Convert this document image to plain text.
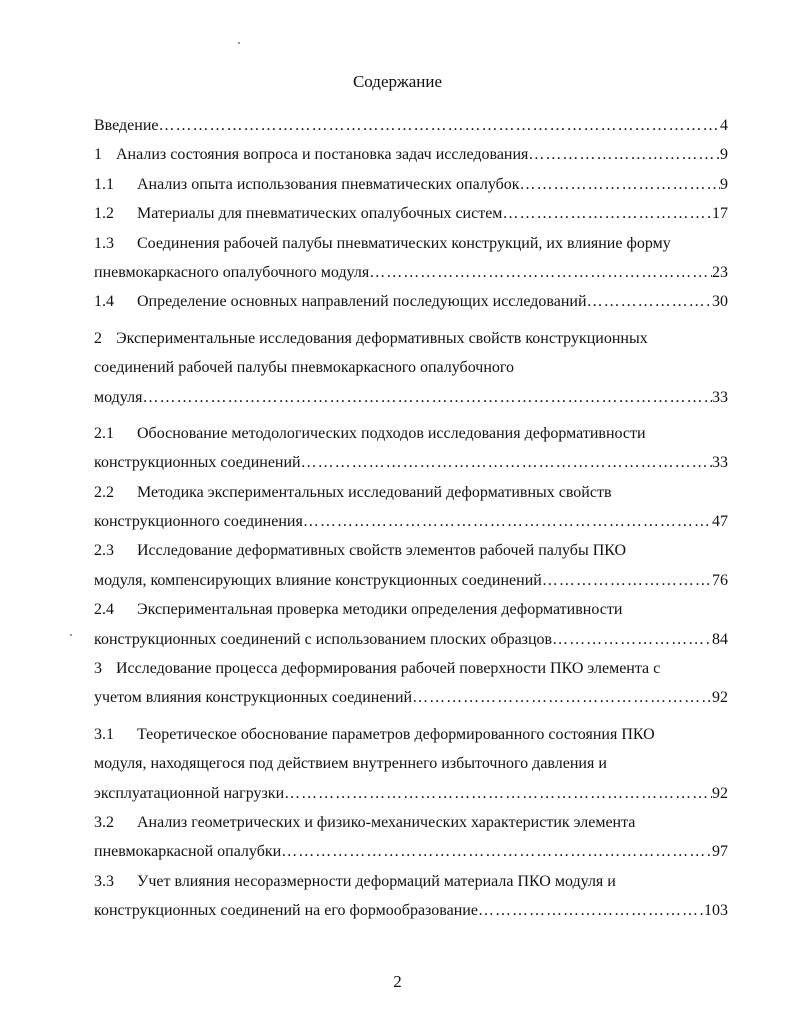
Содержание
Введение …………………………………………………………………………………………………………………………………………………………………………………………………………	4
1 Анализ состояния вопроса и постановка задач исследования …………………………………………………………………………………………………………………………………………………………………………………………………………	9
1.1	Анализ опыта использования пневматических опалубок …………………………………………………………………………………………………………………………………………………………………………………………………………	9
1.2	Материалы для пневматических опалубочных систем …………………………………………………………………………………………………………………………………………………………………………………………………………	17
1.3	Соединения рабочей палубы пневматических конструкций, их влияние форму
пневмокаркасного опалубочного модуля …………………………………………………………………………………………………………………………………………………………………………………………………………	23
1.4	Определение основных направлений последующих исследований …………………………………………………………………………………………………………………………………………………………………………………………………………	30
2 Экспериментальные исследования деформативных свойств конструкционных
соединений рабочей палубы пневмокаркасного опалубочного
модуля …………………………………………………………………………………………………………………………………………………………………………………………………………	33
2.1	Обоснование методологических подходов исследования деформативности
конструкционных соединений …………………………………………………………………………………………………………………………………………………………………………………………………………	33
2.2	Методика экспериментальных исследований деформативных свойств
конструкционного соединения …………………………………………………………………………………………………………………………………………………………………………………………………………	47
2.3	Исследование деформативных свойств элементов рабочей палубы ПКО
модуля, компенсирующих влияние конструкционных соединений …………………………………………………………………………………………………………………………………………………………………………………………………………	76
2.4	Экспериментальная проверка методики определения деформативности
конструкционных соединений с использованием плоских образцов …………………………………………………………………………………………………………………………………………………………………………………………………………	84
3 Исследование процесса деформирования рабочей поверхности ПКО элемента с
учетом влияния конструкционных соединений …………………………………………………………………………………………………………………………………………………………………………………………………………	92
3.1	Теоретическое обоснование параметров деформированного состояния ПКО
модуля, находящегося под действием внутреннего избыточного давления и
эксплуатационной нагрузки …………………………………………………………………………………………………………………………………………………………………………………………………………	92
3.2	Анализ геометрических и физико-механических характеристик элемента
пневмокаркасной опалубки …………………………………………………………………………………………………………………………………………………………………………………………………………	97
3.3	Учет влияния несоразмерности деформаций материала ПКО модуля и
конструкционных соединений на его формообразование …………………………………………………………………………………………………………………………………………………………………………………………………………	103
2
